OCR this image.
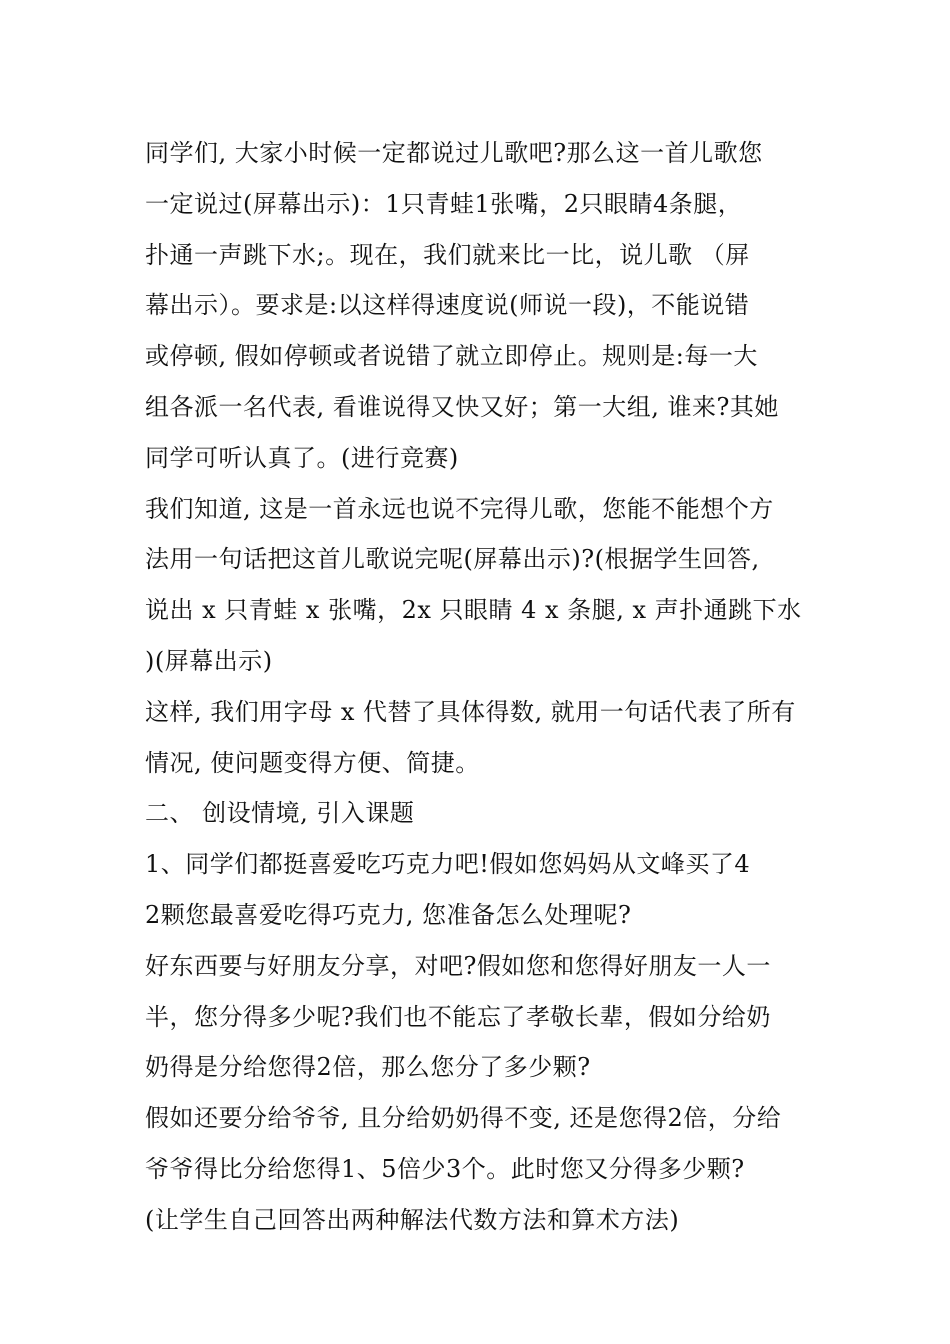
同学们, 大家小时候一定都说过儿歌吧?那么这一首儿歌您
一定说过(屏幕出示)：1只青蛙1张嘴，2只眼睛4条腿，
扑通一声跳下水;。现在，我们就来比一比，说儿歌 （屏
幕出示）。要求是:以这样得速度说(师说一段)，不能说错
或停顿, 假如停顿或者说错了就立即停止。规则是:每一大
组各派一名代表, 看谁说得又快又好；第一大组, 谁来?其她
同学可听认真了。(进行竞赛)
我们知道, 这是一首永远也说不完得儿歌，您能不能想个方
法用一句话把这首儿歌说完呢(屏幕出示)?(根据学生回答,
说出 x 只青蛙 x 张嘴，2x 只眼睛 4 x 条腿, x 声扑通跳下水
)(屏幕出示)
这样, 我们用字母 x 代替了具体得数, 就用一句话代表了所有
情况, 使问题变得方便、简捷。
二、 创设情境, 引入课题
1、同学们都挺喜爱吃巧克力吧!假如您妈妈从文峰买了4
2颗您最喜爱吃得巧克力, 您准备怎么处理呢?
好东西要与好朋友分享，对吧?假如您和您得好朋友一人一
半，您分得多少呢?我们也不能忘了孝敬长辈，假如分给奶
奶得是分给您得2倍，那么您分了多少颗?
假如还要分给爷爷, 且分给奶奶得不变, 还是您得2倍，分给
爷爷得比分给您得1、5倍少3个。此时您又分得多少颗?
(让学生自己回答出两种解法代数方法和算术方法)
